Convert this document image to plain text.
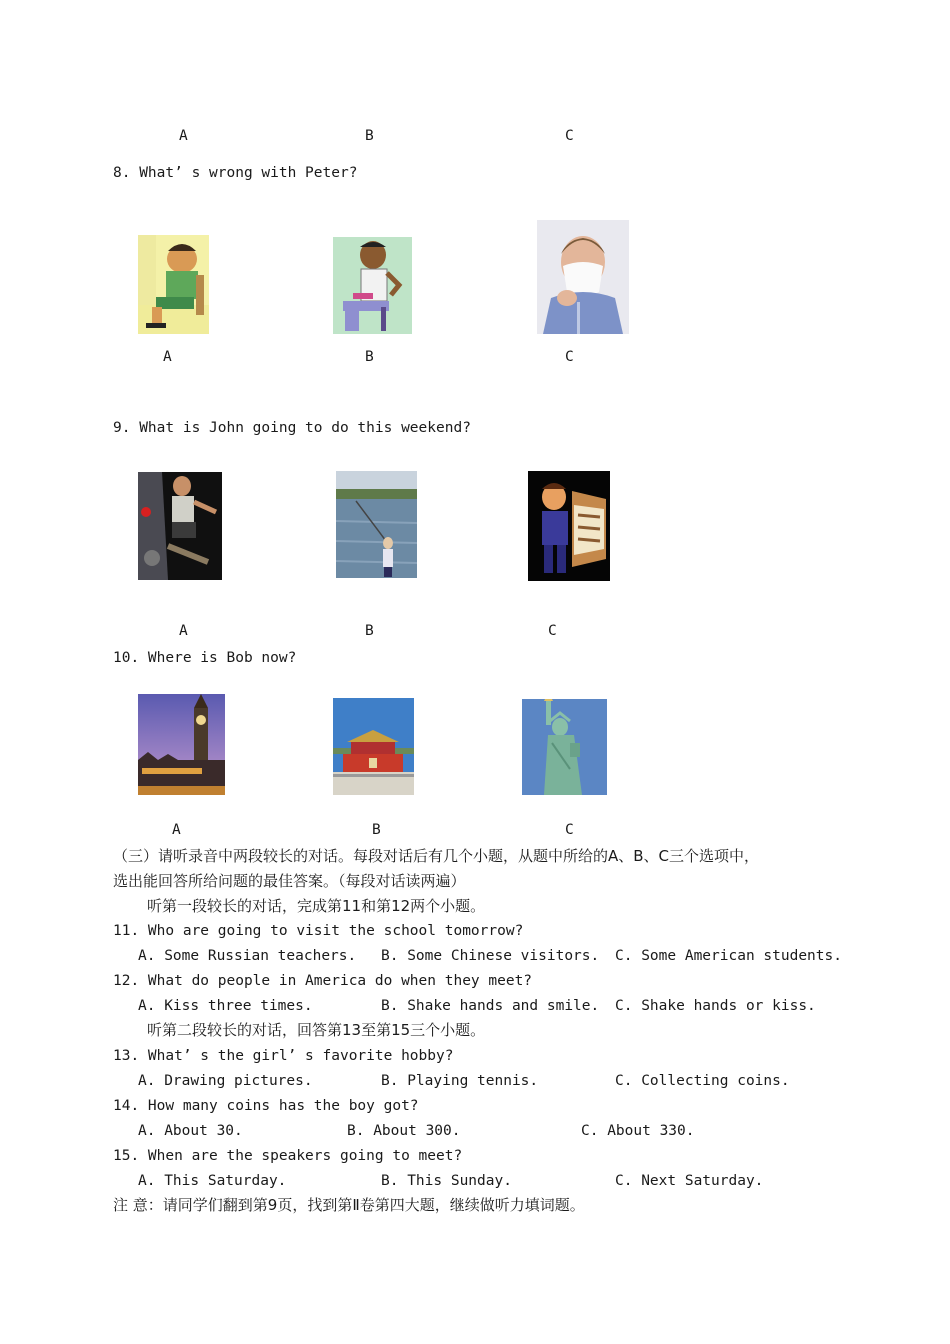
A	B	C
8. What’ s wrong with Peter?
A	B	C
9. What is John going to do this weekend?
A	B	C
10. Where is Bob now?
A	B	C
（三）请听录音中两段较长的对话。每段对话后有几个小题，从题中所给的A、B、C三个选项中，
选出能回答所给问题的最佳答案。（每段对话读两遍）
听第一段较长的对话，完成第11和第12两个小题。
11. Who are going to visit the school tomorrow?
A. Some Russian teachers. B. Some Chinese visitors. C. Some American students.
12. What do people in America do when they meet?
A. Kiss three times.	B. Shake hands and smile. C. Shake hands or kiss.
听第二段较长的对话，回答第13至第15三个小题。
13. What’ s the girl’ s favorite hobby?
A. Drawing pictures.	B. Playing tennis.	C. Collecting coins.
14. How many coins has the boy got?
A. About 30.	B. About 300.	C. About 330.
15. When are the speakers going to meet?
A. This Saturday.	B. This Sunday.	C. Next Saturday.
注 意：请同学们翻到第9页，找到第Ⅱ卷第四大题，继续做听力填词题。
